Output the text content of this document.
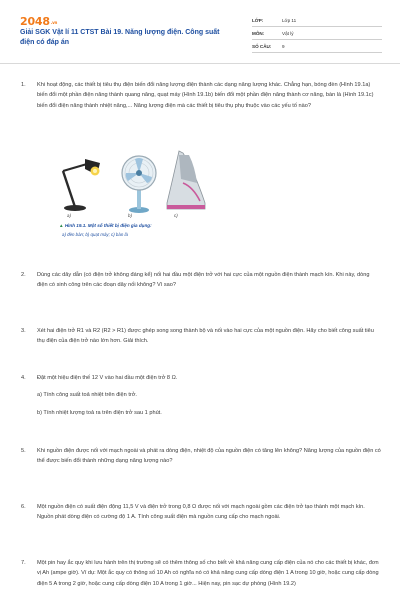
2048.vn
Giải SGK Vật lí 11 CTST Bài 19. Năng lượng điện. Công suất điện có đáp án
LỚP:	Lớp 11
MÔN:	Vật lý
SỐ CÂU:	9
1. Khi hoạt động, các thiết bị tiêu thụ điện biến đổi năng lượng điện thành các dạng năng lượng khác. Chẳng hạn, bóng đèn (Hình 19.1a) biến đổi một phần điện năng thành quang năng, quạt máy (Hình 19.1b) biến đổi một phần điện năng thành cơ năng, bàn là (Hình 19.1c) biến đổi điện năng thành nhiệt năng,... Năng lượng điện mà các thiết bị tiêu thụ phụ thuộc vào các yếu tố nào?

a)	b)	c)
▲ Hình 19.1. Một số thiết bị điện gia dụng:
a) đèn bàn; b) quạt máy; c) bàn là
2. Dùng các dây dẫn (có điện trở không đáng kể) nối hai đầu một điện trở với hai cực của một nguồn điện thành mạch kín. Khi này, dòng điện có sinh công trên các đoạn dây nối không? Vì sao?

3. Xét hai điện trở R1 và R2 (R2 > R1) được ghép song song thành bộ và nối vào hai cực của một nguồn điện. Hãy cho biết công suất tiêu thụ điện của điện trở nào lớn hơn. Giải thích.

4. Đặt một hiệu điện thế 12 V vào hai đầu một điện trở 8 Ω.

a) Tính công suất toả nhiệt trên điện trở.

b) Tính nhiệt lượng toả ra trên điện trở sau 1 phút.

5. Khi nguồn điện được nối với mạch ngoài và phát ra dòng điện, nhiệt độ của nguồn điện có tăng lên không? Năng lượng của nguồn điện có thể được biến đổi thành những dạng năng lượng nào?

6. Một nguồn điện có suất điện động 11,5 V và điện trở trong 0,8 Ω được nối với mạch ngoài gồm các điện trở tạo thành một mạch kín. Nguồn phát dòng điện có cường độ 1 A. Tính công suất điện mà nguồn cung cấp cho mạch ngoài.

7. Một pin hay ắc quy khi lưu hành trên thị trường sẽ có thêm thông số cho biết về khả năng cung cấp điện của nó cho các thiết bị khác, đơn vị Ah (ampe giờ). Ví dụ: Một ắc quy có thông số 10 Ah có nghĩa nó có khả năng cung cấp dòng điện 1 A trong 10 giờ, hoặc cung cấp dòng điện 5 A trong 2 giờ, hoặc cung cấp dòng điện 10 A trong 1 giờ... Hiện nay, pin sạc dự phòng (Hình 19.2)
